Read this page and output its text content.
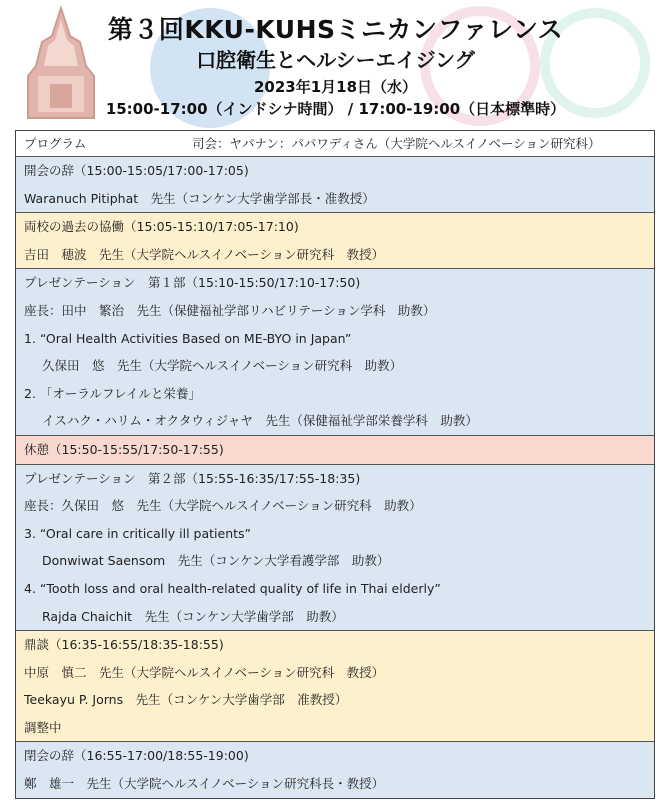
第３回KKU-KUHSミニカンファレンス
口腔衛生とヘルシーエイジング
2023年1月18日（水）
15:00-17:00（インドシナ時間） / 17:00-19:00（日本標準時）
プログラム	司会：ヤパナン：パパワディさん（大学院ヘルスイノベーション研究科）
開会の辞（15:00-15:05/17:00-17:05)
Waranuch Pitiphat　先生（コンケン大学歯学部長・准教授）
両校の過去の協働（15:05-15:10/17:05-17:10)
吉田　穂波　先生（大学院ヘルスイノベーション研究科　教授）
プレゼンテーション　第１部（15:10-15:50/17:10-17:50)
座長：田中　繁治　先生（保健福祉学部リハビリテーション学科　助教）
1. “Oral Health Activities Based on ME-BYO in Japan”
久保田　悠　先生（大学院ヘルスイノベーション研究科　助教）
2. 「オーラルフレイルと栄養」
イスハク・ハリム・オクタウィジャヤ　先生（保健福祉学部栄養学科　助教）
休憩（15:50-15:55/17:50-17:55)
プレゼンテーション　第２部（15:55-16:35/17:55-18:35)
座長：久保田　悠　先生（大学院ヘルスイノベーション研究科　助教）
3. “Oral care in critically ill patients”
Donwiwat Saensom　先生（コンケン大学看護学部　助教）
4. “Tooth loss and oral health-related quality of life in Thai elderly”
Rajda Chaichit　先生（コンケン大学歯学部　助教）
鼎談（16:35-16:55/18:35-18:55)
中原　慎二　先生（大学院ヘルスイノベーション研究科　教授）
Teekayu P. Jorns　先生（コンケン大学歯学部　准教授）
調整中
閉会の辞（16:55-17:00/18:55-19:00)
鄭　雄一　先生（大学院ヘルスイノベーション研究科長・教授）
